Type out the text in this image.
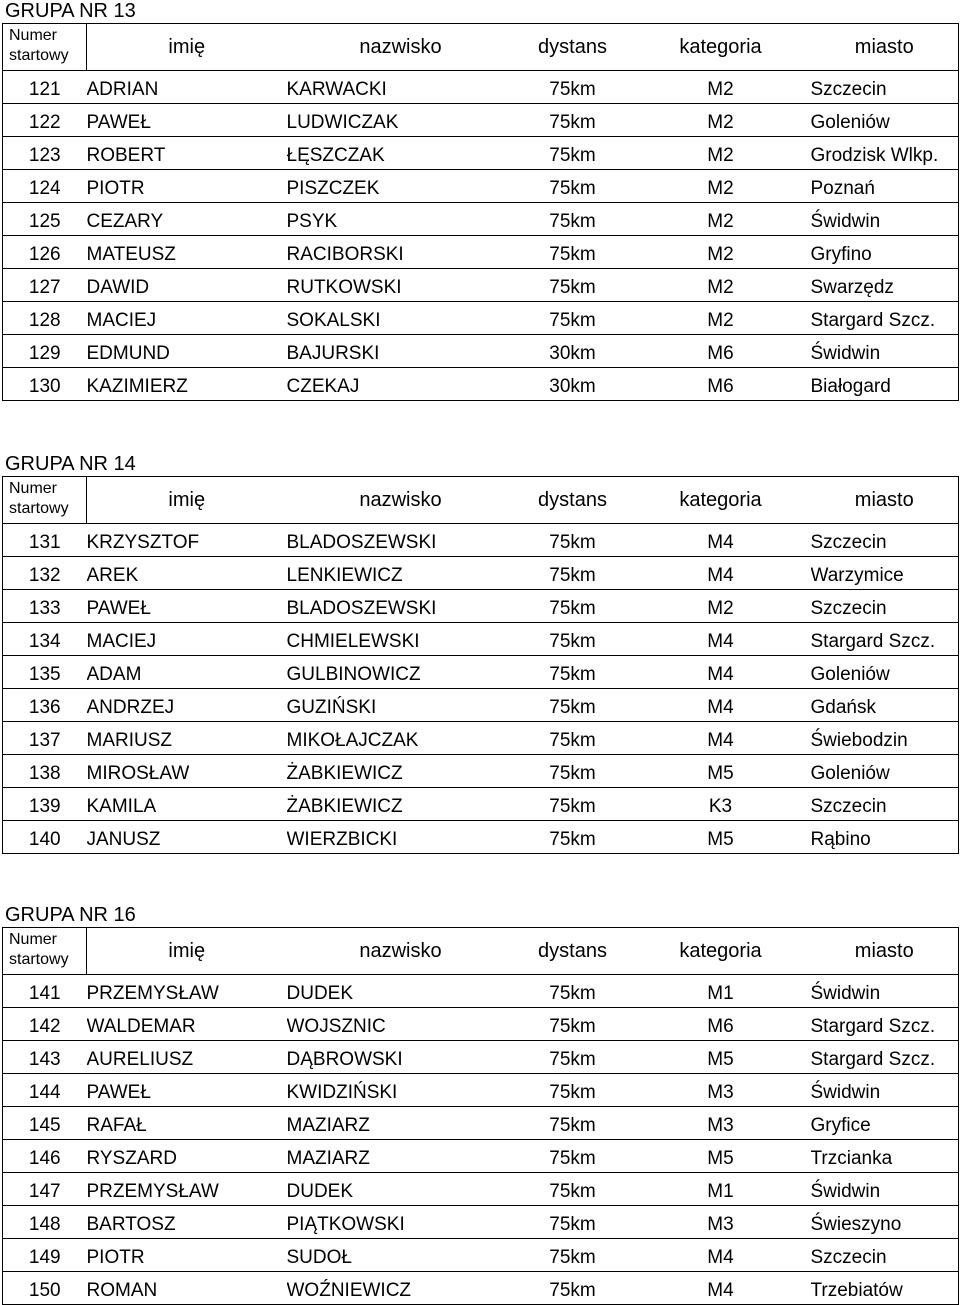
GRUPA NR 13
Numer startowy	imię	nazwisko	dystans	kategoria	miasto
121	ADRIAN	KARWACKI	75km	M2	Szczecin
122	PAWEŁ	LUDWICZAK	75km	M2	Goleniów
123	ROBERT	ŁĘSZCZAK	75km	M2	Grodzisk Wlkp.
124	PIOTR	PISZCZEK	75km	M2	Poznań
125	CEZARY	PSYK	75km	M2	Świdwin
126	MATEUSZ	RACIBORSKI	75km	M2	Gryfino
127	DAWID	RUTKOWSKI	75km	M2	Swarzędz
128	MACIEJ	SOKALSKI	75km	M2	Stargard Szcz.
129	EDMUND	BAJURSKI	30km	M6	Świdwin
130	KAZIMIERZ	CZEKAJ	30km	M6	Białogard
GRUPA NR 14
Numer startowy	imię	nazwisko	dystans	kategoria	miasto
131	KRZYSZTOF	BLADOSZEWSKI	75km	M4	Szczecin
132	AREK	LENKIEWICZ	75km	M4	Warzymice
133	PAWEŁ	BLADOSZEWSKI	75km	M2	Szczecin
134	MACIEJ	CHMIELEWSKI	75km	M4	Stargard Szcz.
135	ADAM	GULBINOWICZ	75km	M4	Goleniów
136	ANDRZEJ	GUZIŃSKI	75km	M4	Gdańsk
137	MARIUSZ	MIKOŁAJCZAK	75km	M4	Świebodzin
138	MIROSŁAW	ŻABKIEWICZ	75km	M5	Goleniów
139	KAMILA	ŻABKIEWICZ	75km	K3	Szczecin
140	JANUSZ	WIERZBICKI	75km	M5	Rąbino
GRUPA NR 16
Numer startowy	imię	nazwisko	dystans	kategoria	miasto
141	PRZEMYSŁAW	DUDEK	75km	M1	Świdwin
142	WALDEMAR	WOJSZNIC	75km	M6	Stargard Szcz.
143	AURELIUSZ	DĄBROWSKI	75km	M5	Stargard Szcz.
144	PAWEŁ	KWIDZIŃSKI	75km	M3	Świdwin
145	RAFAŁ	MAZIARZ	75km	M3	Gryfice
146	RYSZARD	MAZIARZ	75km	M5	Trzcianka
147	PRZEMYSŁAW	DUDEK	75km	M1	Świdwin
148	BARTOSZ	PIĄTKOWSKI	75km	M3	Świeszyno
149	PIOTR	SUDOŁ	75km	M4	Szczecin
150	ROMAN	WOŹNIEWICZ	75km	M4	Trzebiatów
